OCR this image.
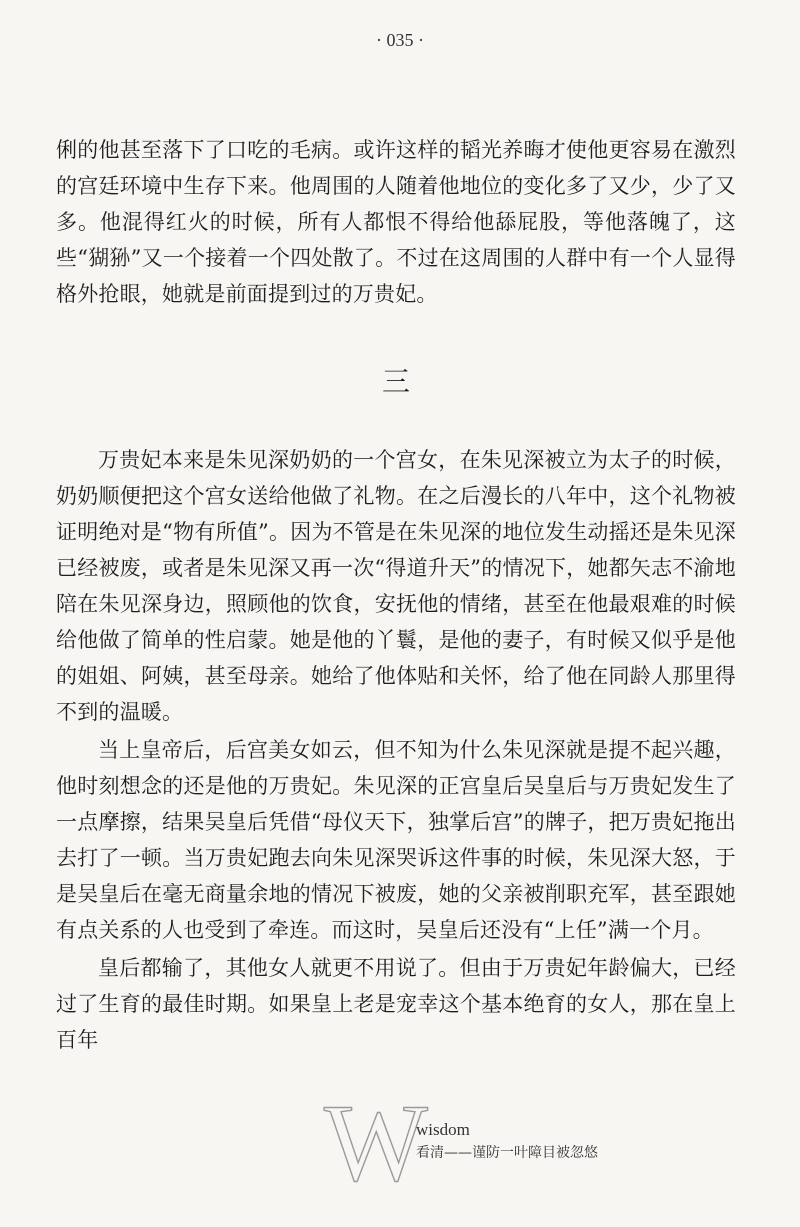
· 035 ·

俐的他甚至落下了口吃的毛病。或许这样的韬光养晦才使他更容易在激烈的宫廷环境中生存下来。他周围的人随着他地位的变化多了又少，少了又多。他混得红火的时候，所有人都恨不得给他舔屁股，等他落魄了，这些“猢狲”又一个接着一个四处散了。不过在这周围的人群中有一个人显得格外抢眼，她就是前面提到过的万贵妃。

三

万贵妃本来是朱见深奶奶的一个宫女，在朱见深被立为太子的时候，奶奶顺便把这个宫女送给他做了礼物。在之后漫长的八年中，这个礼物被证明绝对是“物有所值”。因为不管是在朱见深的地位发生动摇还是朱见深已经被废，或者是朱见深又再一次“得道升天”的情况下，她都矢志不渝地陪在朱见深身边，照顾他的饮食，安抚他的情绪，甚至在他最艰难的时候给他做了简单的性启蒙。她是他的丫鬟，是他的妻子，有时候又似乎是他的姐姐、阿姨，甚至母亲。她给了他体贴和关怀，给了他在同龄人那里得不到的温暖。

当上皇帝后，后宫美女如云，但不知为什么朱见深就是提不起兴趣，他时刻想念的还是他的万贵妃。朱见深的正宫皇后吴皇后与万贵妃发生了一点摩擦，结果吴皇后凭借“母仪天下，独掌后宫”的牌子，把万贵妃拖出去打了一顿。当万贵妃跑去向朱见深哭诉这件事的时候，朱见深大怒，于是吴皇后在毫无商量余地的情况下被废，她的父亲被削职充军，甚至跟她有点关系的人也受到了牵连。而这时，吴皇后还没有“上任”满一个月。

皇后都输了，其他女人就更不用说了。但由于万贵妃年龄偏大，已经过了生育的最佳时期。如果皇上老是宠幸这个基本绝育的女人，那在皇上百年

W
wisdom
看清——谨防一叶障目被忽悠
